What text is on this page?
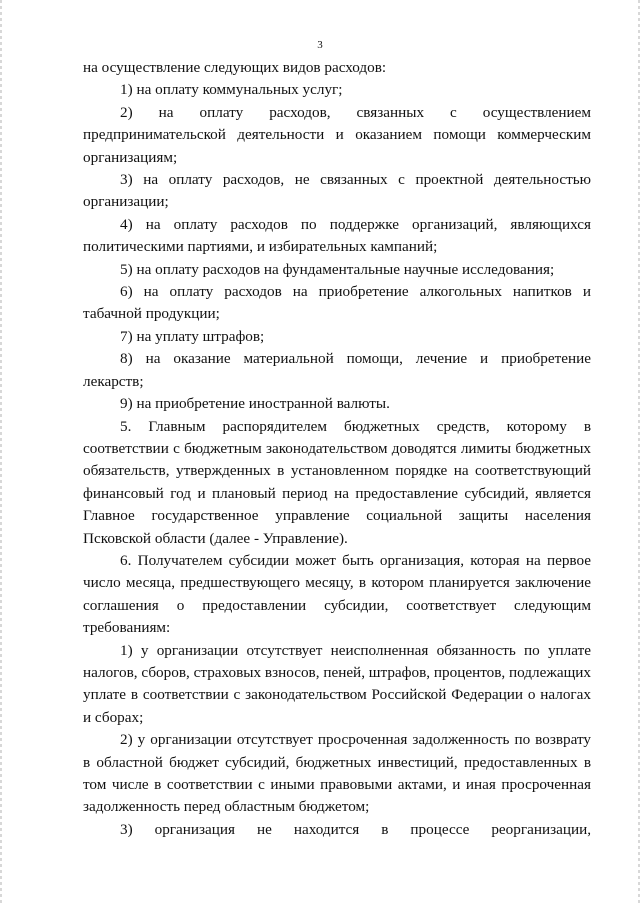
3

на осуществление следующих видов расходов:

1) на оплату коммунальных услуг;

2) на оплату расходов, связанных с осуществлением предпринимательской деятельности и оказанием помощи коммерческим организациям;

3) на оплату расходов, не связанных с проектной деятельностью организации;

4) на оплату расходов по поддержке организаций, являющихся политическими партиями, и избирательных кампаний;

5) на оплату расходов на фундаментальные научные исследования;

6) на оплату расходов на приобретение алкогольных напитков и табачной продукции;

7) на уплату штрафов;

8) на оказание материальной помощи, лечение и приобретение лекарств;

9) на приобретение иностранной валюты.

5. Главным распорядителем бюджетных средств, которому в соответствии с бюджетным законодательством доводятся лимиты бюджетных обязательств, утвержденных в установленном порядке на соответствующий финансовый год и плановый период на предоставление субсидий, является Главное государственное управление социальной защиты населения Псковской области (далее - Управление).

6. Получателем субсидии может быть организация, которая на первое число месяца, предшествующего месяцу, в котором планируется заключение соглашения о предоставлении субсидии, соответствует следующим требованиям:

1) у организации отсутствует неисполненная обязанность по уплате налогов, сборов, страховых взносов, пеней, штрафов, процентов, подлежащих уплате в соответствии с законодательством Российской Федерации о налогах и сборах;

2) у организации отсутствует просроченная задолженность по возврату в областной бюджет субсидий, бюджетных инвестиций, предоставленных в том числе в соответствии с иными правовыми актами, и иная просроченная задолженность перед областным бюджетом;

3) организация не находится в процессе реорганизации,
